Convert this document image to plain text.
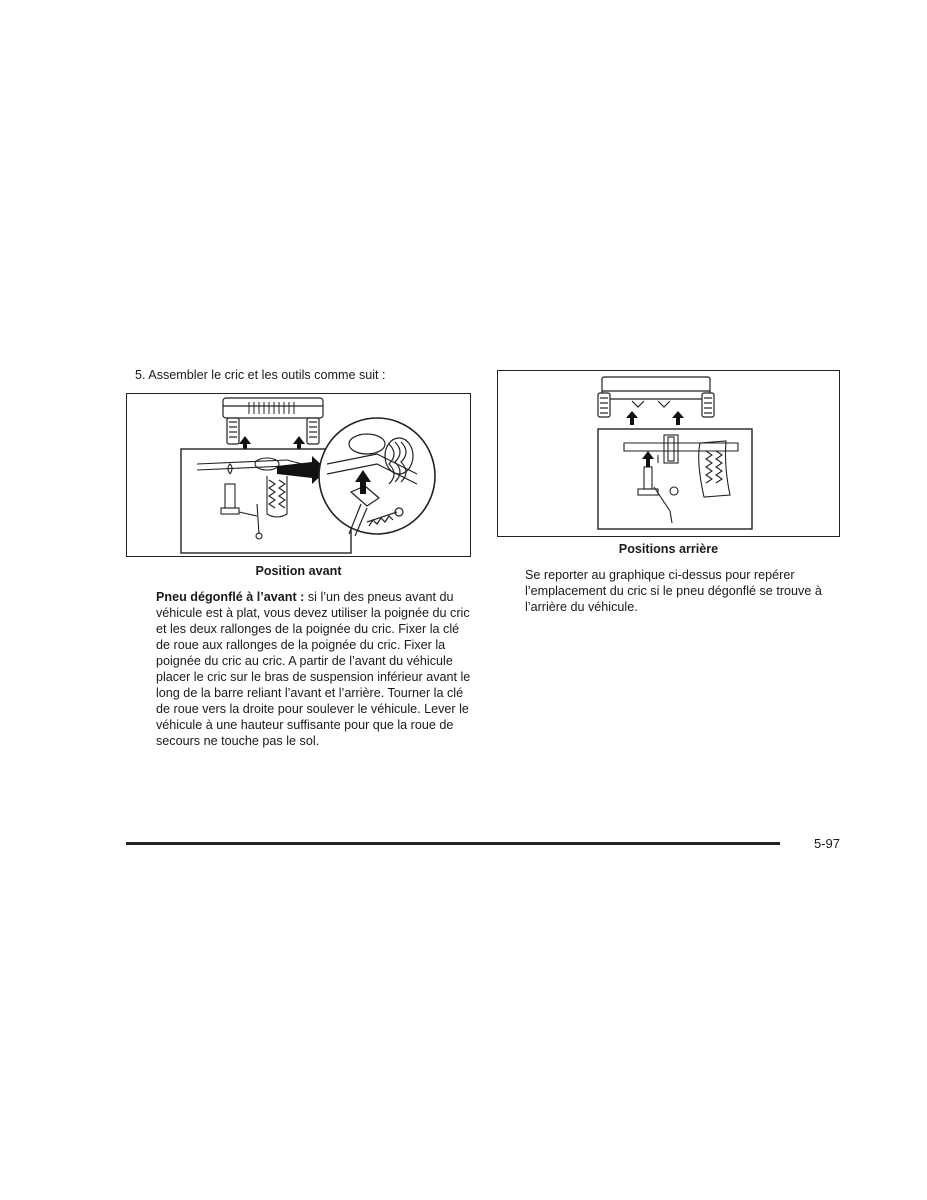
5. Assembler le cric et les outils comme suit :

Position avant

Positions arrière

Pneu dégonflé à l’avant : si l’un des pneus avant du véhicule est à plat, vous devez utiliser la poignée du cric et les deux rallonges de la poignée du cric. Fixer la clé de roue aux rallonges de la poignée du cric. Fixer la poignée du cric au cric. A partir de l’avant du véhicule placer le cric sur le bras de suspension inférieur avant le long de la barre reliant l’avant et l’arrière. Tourner la clé de roue vers la droite pour soulever le véhicule. Lever le véhicule à une hauteur suffisante pour que la roue de secours ne touche pas le sol.

Se reporter au graphique ci-dessus pour repérer l’emplacement du cric si le pneu dégonflé se trouve à l’arrière du véhicule.

5-97
